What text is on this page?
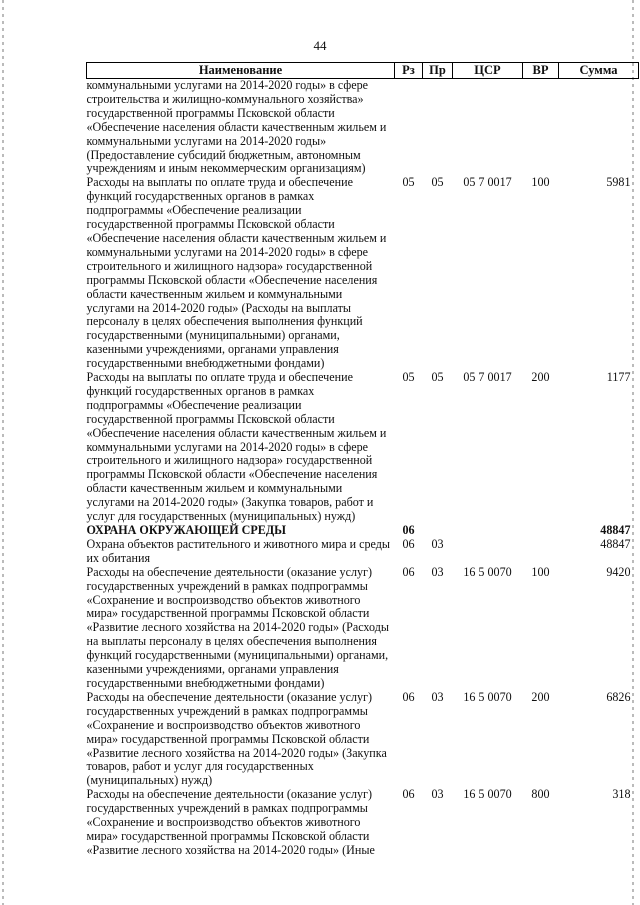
44
Наименование	Рз	Пр	ЦСР	ВР	Сумма
коммунальными услугами на 2014-2020 годы» в сфере строительства и жилищно-коммунального хозяйства» государственной программы Псковской области «Обеспечение населения области качественным жильем и коммунальными услугами на 2014-2020 годы» (Предоставление субсидий бюджетным, автономным учреждениям и иным некоммерческим организациям)					
Расходы на выплаты по оплате труда и обеспечение функций государственных органов в рамках подпрограммы «Обеспечение реализации государственной программы Псковской области «Обеспечение населения области качественным жильем и коммунальными услугами на 2014-2020 годы» в сфере строительного и жилищного надзора» государственной программы Псковской области «Обеспечение населения области качественным жильем и коммунальными услугами на 2014-2020 годы» (Расходы на выплаты персоналу в целях обеспечения выполнения функций государственными (муниципальными) органами, казенными учреждениями, органами управления государственными внебюджетными фондами)	05	05	05 7 0017	100	5981
Расходы на выплаты по оплате труда и обеспечение функций государственных органов в рамках подпрограммы «Обеспечение реализации государственной программы Псковской области «Обеспечение населения области качественным жильем и коммунальными услугами на 2014-2020 годы» в сфере строительного и жилищного надзора» государственной программы Псковской области «Обеспечение населения области качественным жильем и коммунальными услугами на 2014-2020 годы» (Закупка товаров, работ и услуг для государственных (муниципальных) нужд)	05	05	05 7 0017	200	1177
ОХРАНА ОКРУЖАЮЩЕЙ СРЕДЫ	06				48847
Охрана объектов растительного и животного мира и среды их обитания	06	03			48847
Расходы на обеспечение деятельности (оказание услуг) государственных учреждений в рамках подпрограммы «Сохранение и воспроизводство объектов животного мира» государственной программы Псковской области «Развитие лесного хозяйства на 2014-2020 годы» (Расходы на выплаты персоналу в целях обеспечения выполнения функций государственными (муниципальными) органами, казенными учреждениями, органами управления государственными внебюджетными фондами)	06	03	16 5 0070	100	9420
Расходы на обеспечение деятельности (оказание услуг) государственных учреждений в рамках подпрограммы «Сохранение и воспроизводство объектов животного мира» государственной программы Псковской области «Развитие лесного хозяйства на 2014-2020 годы» (Закупка товаров, работ и услуг для государственных (муниципальных) нужд)	06	03	16 5 0070	200	6826
Расходы на обеспечение деятельности (оказание услуг) государственных учреждений в рамках подпрограммы «Сохранение и воспроизводство объектов животного мира» государственной программы Псковской области «Развитие лесного хозяйства на 2014-2020 годы» (Иные	06	03	16 5 0070	800	318
